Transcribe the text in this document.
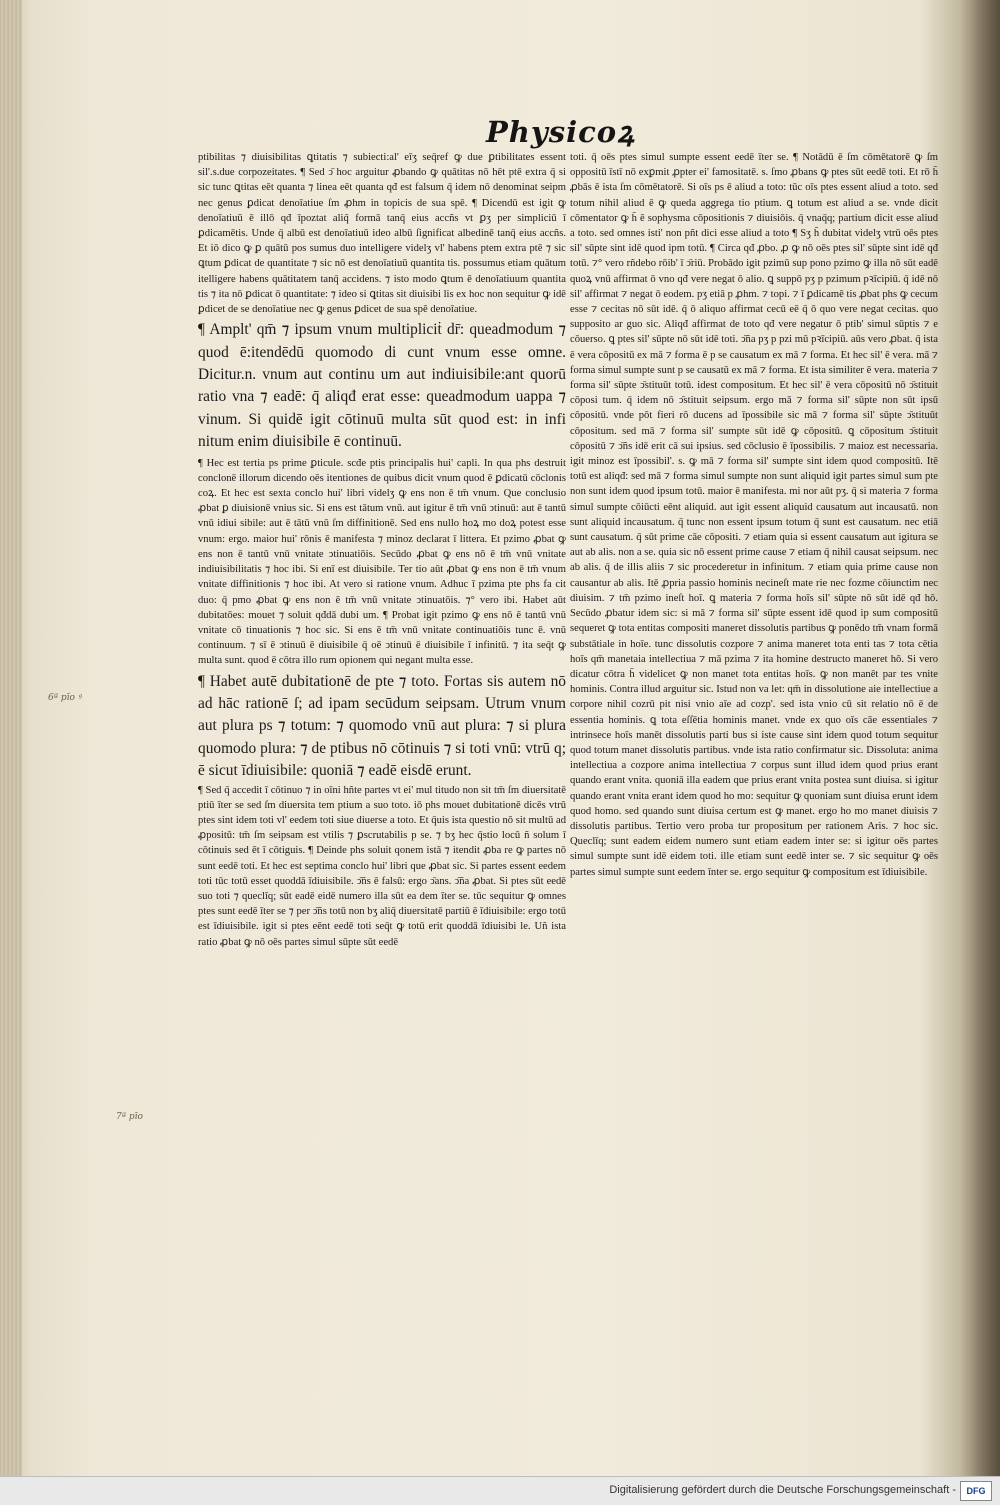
Physicoꝝ

ptibilitas ⁊ diuisibilitas ꝗtitatis ⁊ subiecti:al' eīʒ seq̄ref ꝙ due ꝑtibilitates essent sil'.s.due corpozeitates. ¶ Sed ↄ̄ hoc arguitur ꝓbando ꝙ quātitas nō hēt ptē extra q̄ si sic tunc ꝗtitas eēt quanta ⁊ linea eēt quanta qđ est falsum q̄ idem nō denominat seipm nec genus ꝑdicat denoīatiue ſm ꝓhm in topicis de sua spē. ¶ Dicendū est igit ꝙ denoīatiuū ē illō qđ īpoztat aliq̄ formā tanq̄ eius accñs vt ꝑʒ per simpliciū ī ꝑdicamētis. Unde q̄ albū est denoīatiuū ideo albū ſignificat albedinē tanq̄ eius accñs. Et iō dico ꝙ ꝑ quātū pos sumus duo intelligere videlʒ vl' habens ptem extra ptē ⁊ sic ꝗtum ꝑdicat de quantitate ⁊ sic nō est denoīatiuū quantita tis. possumus etiam quātum itelligere habens quātitatem tanq̄ accidens. ⁊ isto modo ꝗtum ē denoīatiuum quantita tis ⁊ ita nō ꝑdicat ō quantitate: ⁊ ideo si ꝗtitas sit diuisibi lis ex hoc non sequitur ꝙ idē ꝑdicet de se denoīatiue nec ꝙ genus ꝑdicet de sua spē denoīatiue.

¶ Amplt' qm̄ ⁊ ipsum vnum multipliciṫ dr̄: queadmodum ⁊ quod ē:itendēdū quomodo di cunt vnum esse omne. Dicitur.n. vnum aut continu um aut indiuisibile:ant quorū ratio vna ⁊ eadē: q̄ aliqđ erat esse: queadmodum uappa ⁊ vinum. Si quidē igit cōtinuū multa sūt quod est: in infi nitum enim diuisibile ē continuū.

¶ Hec est tertia ps prime ꝑticule. scđe ptis principalis hui' capli. In qua phs destruit conclonē illorum dicendo oēs itentiones de quibus dicit vnum quod ē ꝑdicatū cōclonis coꝝ. Et hec est sexta conclo hui' libri videlʒ ꝙ ens non ē tm̄ vnum. Que conclusio ꝓbat ꝑ diuisionē vnius sic. Si ens est tātum vnū. aut igitur ē tm̄ vnū ↄtinuū: aut ē tantū vnū idiui sibile: aut ē tātū vnū ſm diffinitionē. Sed ens nullo hoꝝ mo doꝝ potest esse vnum: ergo. maior hui' rōnis ē manifesta ⁊ minoz declarat ī littera. Et pzimo ꝓbat ꝙ ens non ē tantū vnū vnitate ↄtinuatiōis. Secūdo ꝓbat ꝙ ens nō ē tm̄ vnū vnitate indiuisibilitatis ⁊ hoc ibi. Si enī est diuisibile. Ter tio aūt ꝓbat ꝙ ens non ē tm̄ vnum vnitate diffinitionis ⁊ hoc ibi. At vero si ratione vnum. Adhuc ī pzima pte phs fa cit duo: q̄ pmo ꝓbat ꝙ ens non ē tm̄ vnū vnitate ↄtinuatōis. ⁊° vero ibi. Habet aūt dubitatōes: mouet ⁊ soluit qđdā dubi um. ¶ Probat igit pzimo ꝙ ens nō ē tantū vnū vnitate cō tinuationis ⁊ hoc sic. Si ens ē tm̄ vnū vnitate continuatiōis tunc ē. vnū continuum. ⁊ sī ē ↄtinuū ē diuisibile q̄ oē ↄtinuū ē diuisibile ī infinitū. ⁊ ita seq̄t ꝙ multa sunt. quod ē cōtra illo rum opionem qui negant multa esse.

¶ Habet autē dubitationē de pte ⁊ toto. Fortas sis autem nō ad hāc rationē ſ; ad ipam secūdum seipsam. Utrum vnum aut plura ps ⁊ totum: ⁊ quomodo vnū aut plura: ⁊ si plura quomodo plura: ⁊ de ptibus nō cōtinuis ⁊ si toti vnū: vtrū q; ē sicut īdiuisibile: quoniā ⁊ eadē eisdē erunt.

¶ Sed q̄ accedit ī cōtinuo ⁊ in oīni hñte partes vt ei' mul titudo non sit tm̄ ſm diuersitatē ptiū īter se sed ſm diuersita tem ptium a suo toto. iō phs mouet dubitationē dicēs vtrū ptes sint idem toti vl' eedem toti siue diuerse a toto. Et q̄uis ista questio nō sit multū ad ꝓpositū: tm̄ ſm seipsam est vtilis ⁊ ꝑscrutabilis p se. ⁊ bʒ hec q̄stio locū ñ solum ī cōtinuis sed ēt ī cōtiguis. ¶ Deinde phs soluit qonem istā ⁊ itendit ꝓba re ꝙ partes nō sunt eedē toti. Et hec est septima conclo hui' libri que ꝓbat sic. Si partes essent eedem toti tūc totū esset quoddā īdiuisibile. ↄ̄ñs ē falsū: ergo ↄ̄ans. ↄ̄ña ꝓbat. Si ptes sūt eedē suo toti ⁊ queclīq; sūt eadē eidē numero illa sūt ea dem īter se. tūc sequitur ꝙ omnes ptes sunt eedē īter se ⁊ per ↄ̄ñs totū non bʒ aliq̄ diuersitatē partiū ē īdiuisibile: ergo totū est īdiuisibile. igit si ptes eēnt eedē toti seq̄t ꝙ totū erit quoddā īdiuisibi le. Uñ ista ratio ꝓbat ꝙ nō oēs partes simul sūpte sūt eedē

toti. q̄ oēs ptes simul sumpte essent eedē īter se. ¶ Notādū ē ſm cōmētatorē ꝙ ſm oppositū īstī nō exꝑmit ꝓpter ei' famositatē. s. ſmo ꝓbans ꝙ ptes sūt eedē toti. Et rō h̄ ꝓbās ē ista ſm cōmētatorē. Si oīs ps ē aliud a toto: tūc oīs ptes essent aliud a toto. sed totum nihil aliud ē ꝙ queda aggrega tio ptium. ꝗ totum est aliud a se. vnde dicit cōmentator ꝙ h̄ ē sophysma cōpositionis ⁊ diuisiōis. q̄ vnaq̄q; partium dicit esse aliud a toto. sed omnes isti' non pñt dici esse aliud a toto ¶ Sʒ h̄ dubitat videlʒ vtrū oēs ptes sil' sūpte sint idē quod ipm totū. ¶ Circa qđ ꝓbo. ꝓ ꝙ nō oēs ptes sil' sūpte sint idē qđ totū. ⁊° vero rñdebo rōib' ī ↄ̄riū. Probādo igit pzimū sup pono pzimo ꝙ illa nō sūt eadē quoꝝ vnū affirmat ō vno qđ vere negat ō alio. ꝗ suppō pʒ p pzimum pꝛīcipiū. q̄ idē nō sil' affirmat ⁊ negat ō eodem. pʒ etiā p ꝓhm. ⁊ topi. ⁊ ī ꝑdicamē tis ꝓbat phs ꝙ cecum esse ⁊ cecitas nō sūt idē. q̄ ō aliquo affirmat cecū eē q̄ ō quo vere negat cecitas. quo supposito ar guo sic. Aliqđ affirmat de toto qđ vere negatur ō ptib' simul sūptis ⁊ e cōuerso. ꝗ ptes sil' sūpte nō sūt idē toti. ↄ̄ña pʒ p pzi mū pꝛīcipiū. aūs vero ꝓbat. q̄ ista ē vera cōpositū ex mā ⁊ forma ē p se causatum ex mā ⁊ forma. Et hec sil' ē vera. mā ⁊ forma simul sumpte sunt p se causatū ex mā ⁊ forma. Et ista similiter ē vera. materia ⁊ forma sil' sūpte ↄ̄stituūt totū. idest compositum. Et hec sil' ē vera cōpositū nō ↄ̄stituit cōposi tum. q̄ idem nō ↄ̄stituit seipsum. ergo mā ⁊ forma sil' sūpte non sūt ipsū cōpositū. vnde pōt fieri rō ducens ad īpossibile sic mā ⁊ forma sil' sūpte ↄ̄stituūt cōpositum. sed mā ⁊ forma sil' sumpte sūt idē ꝙ cōpositū. ꝗ cōpositum ↄ̄stituit cōpositū ⁊ ↄ̄ñs idē erit cā sui ipsius. sed cōclusio ē īpossibilis. ⁊ maioz est necessaria. igit minoz est īpossibil'. s. ꝙ mā ⁊ forma sil' sumpte sint idem quod compositū. Itē totū est aliqđ: sed mā ⁊ forma simul sumpte non sunt aliquid igit partes simul sum pte non sunt idem quod ipsum totū. maior ē manifesta. mi nor aūt pʒ. q̄ si materia ⁊ forma simul sumpte cōiūcti eēnt aliquid. aut igit essent aliquid causatum aut incausatū. non sunt aliquid incausatum. q̄ tunc non essent ipsum totum q̄ sunt est causatum. nec etiā sunt causatum. q̄ sūt prime cāe cōpositi. ⁊ etiam quia si essent causatum aut igitura se aut ab alis. non a se. quia sic nō essent prime cause ⁊ etiam q̄ nihil causat seipsum. nec ab alis. q̄ de illis aliis ⁊ sic procederetur in infinitum. ⁊ etiam quia prime cause non causantur ab alis. Itē ꝓpria passio hominis necineſt mate rie nec fozme cōiunctim nec diuisim. ⁊ tm̄ pzimo ineſt hoī. ꝗ materia ⁊ forma hoīs sil' sūpte nō sūt idē qđ hō. Secūdo ꝓbatur idem sic: si mā ⁊ forma sil' sūpte essent idē quod ip sum compositū sequeret ꝙ tota entitas compositi maneret dissolutis partibus ꝙ ponēdo tm̄ vnam formā substātiale in hoīe. tunc dissolutis cozpore ⁊ anima maneret tota enti tas ⁊ tota cētia hoīs qm̄ manetaia intellectiua ⁊ mā pzima ⁊ ita homine destructo maneret hō. Si vero dicatur cōtra h̄ videlicet ꝙ non manet tota entitas hoīs. ꝙ non manēt par tes vnite hominis. Contra illud arguitur sic. Istud non va let: qm̄ in dissolutione aie intellectiue a corpore nihil cozrū pit nisi vnio aīe ad cozp'. sed ista vnio cū sit relatio nō ē de essentia hominis. ꝗ tota eſſētia hominis manet. vnde ex quo oīs cāe essentiales ⁊ intrinsece hoīs manēt dissolutis parti bus si iste cause sint idem quod totum sequitur quod totum manet dissolutis partibus. vnde ista ratio confirmatur sic. Dissoluta: anima intellectiua a cozpore anima intellectiua ⁊ corpus sunt illud idem quod prius erant quando erant vnita. quoniā illa eadem que prius erant vnita postea sunt diuisa. si igitur quando erant vnita erant idem quod ho mo: sequitur ꝙ quoniam sunt diuisa erunt idem quod homo. sed quando sunt diuisa certum est ꝙ manet. ergo ho mo manet diuisis ⁊ dissolutis partibus. Tertio vero proba tur propositum per rationem Aris. ⁊ hoc sic. Queclīq; sunt eadem eidem numero sunt etiam eadem inter se: si igitur oēs partes simul sumpte sunt idē eidem toti. ille etiam sunt eedē inter se. ⁊ sic sequitur ꝙ oēs partes simul sumpte sunt eedem īnter se. ergo sequitur ꝙ compositum est īdiuisibile.

6ª pīo ꝰ
7ª pīo
Digitalisierung gefördert durch die Deutsche Forschungsgemeinschaft -	DFG
